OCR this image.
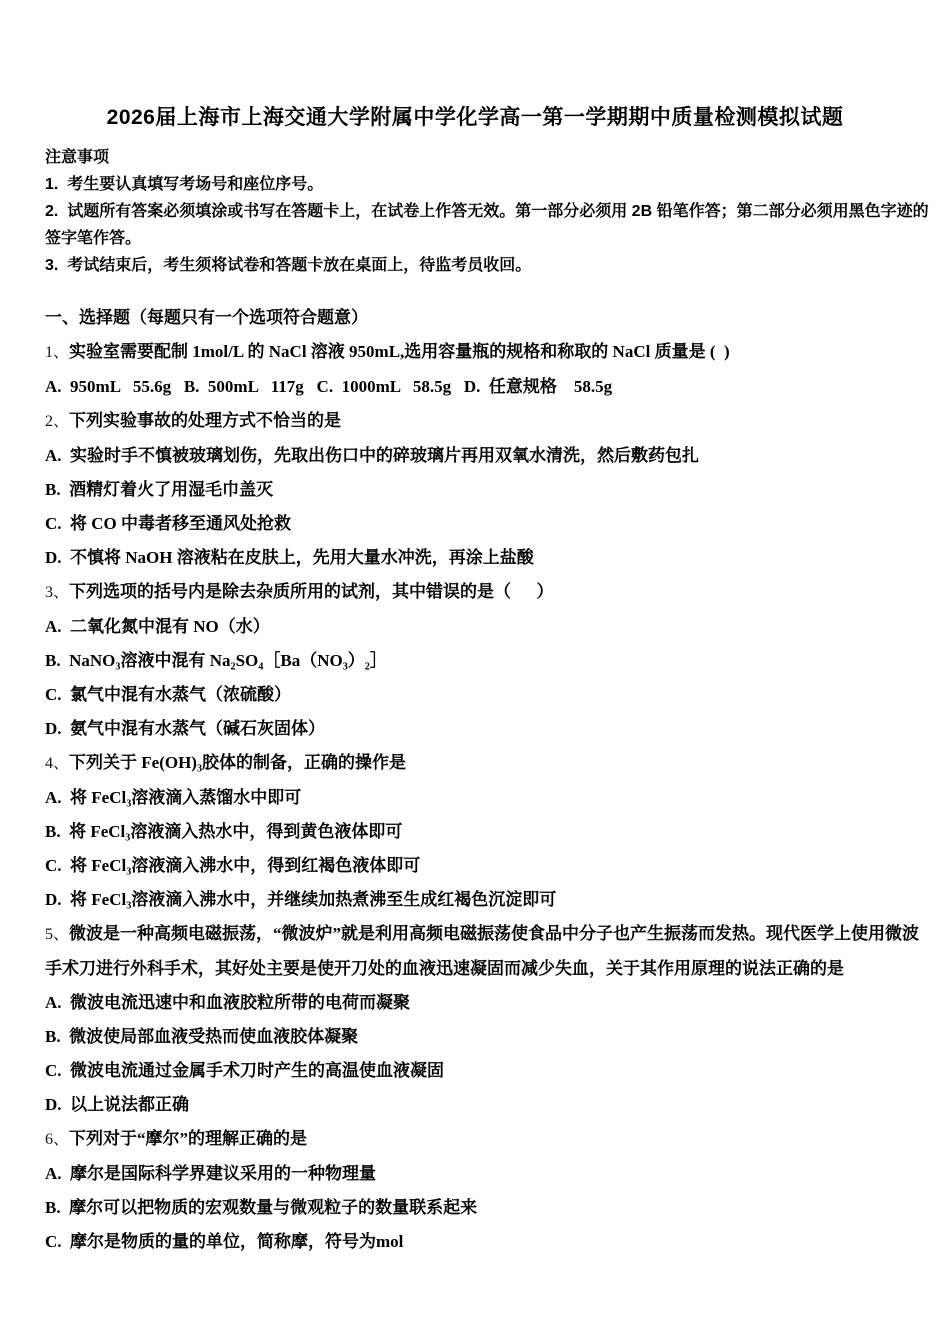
2026届上海市上海交通大学附属中学化学高一第一学期期中质量检测模拟试题
注意事项
1.  考生要认真填写考场号和座位序号。
2.  试题所有答案必须填涂或书写在答题卡上，在试卷上作答无效。第一部分必须用 2B 铅笔作答；第二部分必须用黑色字迹的签字笔作答。
3.  考试结束后，考生须将试卷和答题卡放在桌面上，待监考员收回。
一、选择题（每题只有一个选项符合题意）
1、实验室需要配制 1mol/L 的 NaCl 溶液 950mL,选用容量瓶的规格和称取的 NaCl 质量是 (  )
A.  950mL   55.6g   B.  500mL   117g   C.  1000mL   58.5g   D.  任意规格    58.5g
2、下列实验事故的处理方式不恰当的是
A.  实验时手不慎被玻璃划伤，先取出伤口中的碎玻璃片再用双氧水清洗，然后敷药包扎
B.  酒精灯着火了用湿毛巾盖灭
C.  将 CO 中毒者移至通风处抢救
D.  不慎将 NaOH 溶液粘在皮肤上，先用大量水冲洗，再涂上盐酸
3、下列选项的括号内是除去杂质所用的试剂，其中错误的是（      ）
A.  二氧化氮中混有 NO（水）
B.  NaNO₃溶液中混有 Na₂SO₄［Ba（NO₃）₂］
C.  氯气中混有水蒸气（浓硫酸）
D.  氨气中混有水蒸气（碱石灰固体）
4、下列关于 Fe(OH)₃胶体的制备，正确的操作是
A.  将 FeCl₃溶液滴入蒸馏水中即可
B.  将 FeCl₃溶液滴入热水中，得到黄色液体即可
C.  将 FeCl₃溶液滴入沸水中，得到红褐色液体即可
D.  将 FeCl₃溶液滴入沸水中，并继续加热煮沸至生成红褐色沉淀即可
5、微波是一种高频电磁振荡，“微波炉”就是利用高频电磁振荡使食品中分子也产生振荡而发热。现代医学上使用微波手术刀进行外科手术，其好处主要是使开刀处的血液迅速凝固而减少失血，关于其作用原理的说法正确的是
A.  微波电流迅速中和血液胶粒所带的电荷而凝聚
B.  微波使局部血液受热而使血液胶体凝聚
C.  微波电流通过金属手术刀时产生的高温使血液凝固
D.  以上说法都正确
6、下列对于“摩尔”的理解正确的是
A.  摩尔是国际科学界建议采用的一种物理量
B.  摩尔可以把物质的宏观数量与微观粒子的数量联系起来
C.  摩尔是物质的量的单位，简称摩，符号为mol
